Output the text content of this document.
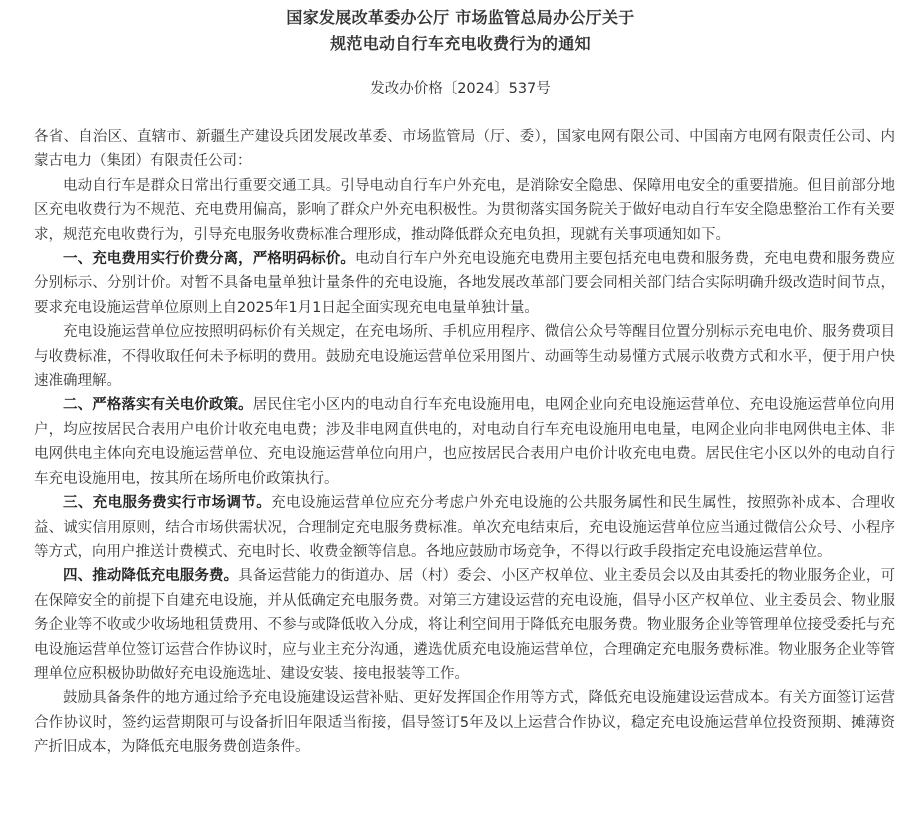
国家发展改革委办公厅 市场监管总局办公厅关于
规范电动自行车充电收费行为的通知
发改办价格〔2024〕537号

各省、自治区、直辖市、新疆生产建设兵团发展改革委、市场监管局（厅、委），国家电网有限公司、中国南方电网有限责任公司、内蒙古电力（集团）有限责任公司：

电动自行车是群众日常出行重要交通工具。引导电动自行车户外充电，是消除安全隐患、保障用电安全的重要措施。但目前部分地区充电收费行为不规范、充电费用偏高，影响了群众户外充电积极性。为贯彻落实国务院关于做好电动自行车安全隐患整治工作有关要求，规范充电收费行为，引导充电服务收费标准合理形成，推动降低群众充电负担，现就有关事项通知如下。

一、充电费用实行价费分离，严格明码标价。电动自行车户外充电设施充电费用主要包括充电电费和服务费，充电电费和服务费应分别标示、分别计价。对暂不具备电量单独计量条件的充电设施，各地发展改革部门要会同相关部门结合实际明确升级改造时间节点，要求充电设施运营单位原则上自2025年1月1日起全面实现充电电量单独计量。

充电设施运营单位应按照明码标价有关规定，在充电场所、手机应用程序、微信公众号等醒目位置分别标示充电电价、服务费项目与收费标准，不得收取任何未予标明的费用。鼓励充电设施运营单位采用图片、动画等生动易懂方式展示收费方式和水平，便于用户快速准确理解。

二、严格落实有关电价政策。居民住宅小区内的电动自行车充电设施用电，电网企业向充电设施运营单位、充电设施运营单位向用户，均应按居民合表用户电价计收充电电费；涉及非电网直供电的，对电动自行车充电设施用电电量，电网企业向非电网供电主体、非电网供电主体向充电设施运营单位、充电设施运营单位向用户，也应按居民合表用户电价计收充电电费。居民住宅小区以外的电动自行车充电设施用电，按其所在场所电价政策执行。

三、充电服务费实行市场调节。充电设施运营单位应充分考虑户外充电设施的公共服务属性和民生属性，按照弥补成本、合理收益、诚实信用原则，结合市场供需状况，合理制定充电服务费标准。单次充电结束后，充电设施运营单位应当通过微信公众号、小程序等方式，向用户推送计费模式、充电时长、收费金额等信息。各地应鼓励市场竞争，不得以行政手段指定充电设施运营单位。

四、推动降低充电服务费。具备运营能力的街道办、居（村）委会、小区产权单位、业主委员会以及由其委托的物业服务企业，可在保障安全的前提下自建充电设施，并从低确定充电服务费。对第三方建设运营的充电设施，倡导小区产权单位、业主委员会、物业服务企业等不收或少收场地租赁费用、不参与或降低收入分成，将让利空间用于降低充电服务费。物业服务企业等管理单位接受委托与充电设施运营单位签订运营合作协议时，应与业主充分沟通，遴选优质充电设施运营单位，合理确定充电服务费标准。物业服务企业等管理单位应积极协助做好充电设施选址、建设安装、接电报装等工作。

鼓励具备条件的地方通过给予充电设施建设运营补贴、更好发挥国企作用等方式，降低充电设施建设运营成本。有关方面签订运营合作协议时，签约运营期限可与设备折旧年限适当衔接，倡导签订5年及以上运营合作协议，稳定充电设施运营单位投资预期、摊薄资产折旧成本，为降低充电服务费创造条件。
